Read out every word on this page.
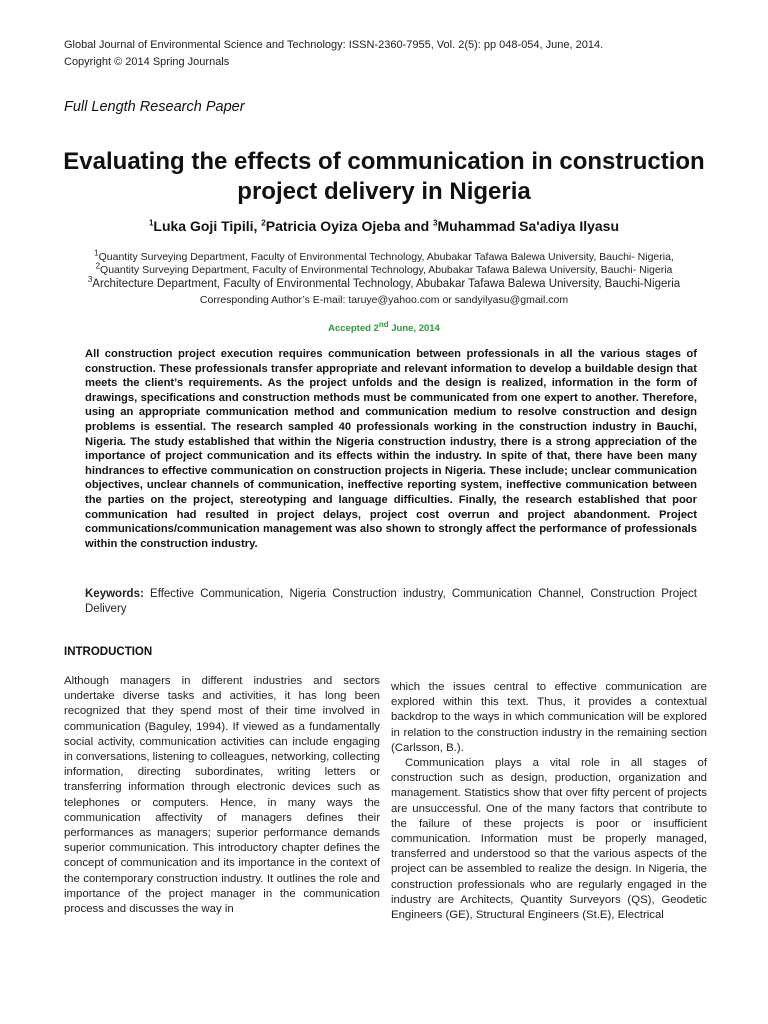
Global Journal of Environmental Science and Technology: ISSN-2360-7955, Vol. 2(5): pp 048-054, June, 2014.
Copyright © 2014 Spring Journals
Full Length Research Paper
Evaluating the effects of communication in construction project delivery in Nigeria
$^1$Luka Goji Tipili, $^2$Patricia Oyiza Ojeba and $^3$Muhammad Sa'adiya Ilyasu
$^1$Quantity Surveying Department, Faculty of Environmental Technology, Abubakar Tafawa Balewa University, Bauchi- Nigeria,
$^2$Quantity Surveying Department, Faculty of Environmental Technology, Abubakar Tafawa Balewa University, Bauchi- Nigeria
$^3$Architecture Department, Faculty of Environmental Technology, Abubakar Tafawa Balewa University, Bauchi-Nigeria
Corresponding Author’s E-mail: taruye@yahoo.com or sandyilyasu@gmail.com
Accepted 2nd June, 2014

All construction project execution requires communication between professionals in all the various stages of construction. These professionals transfer appropriate and relevant information to develop a buildable design that meets the client’s requirements. As the project unfolds and the design is realized, information in the form of drawings, specifications and construction methods must be communicated from one expert to another. Therefore, using an appropriate communication method and communication medium to resolve construction and design problems is essential. The research sampled 40 professionals working in the construction industry in Bauchi, Nigeria. The study established that within the Nigeria construction industry, there is a strong appreciation of the importance of project communication and its effects within the industry. In spite of that, there have been many hindrances to effective communication on construction projects in Nigeria. These include; unclear communication objectives, unclear channels of communication, ineffective reporting system, ineffective communication between the parties on the project, stereotyping and language difficulties. Finally, the research established that poor communication had resulted in project delays, project cost overrun and project abandonment. Project communications/communication management was also shown to strongly affect the performance of professionals within the construction industry.

Keywords: Effective Communication, Nigeria Construction industry, Communication Channel, Construction Project Delivery

INTRODUCTION

Although managers in different industries and sectors undertake diverse tasks and activities, it has long been recognized that they spend most of their time involved in communication (Baguley, 1994). If viewed as a fundamentally social activity, communication activities can include engaging in conversations, listening to colleagues, networking, collecting information, directing subordinates, writing letters or transferring information through electronic devices such as telephones or computers. Hence, in many ways the communication affectivity of managers defines their performances as managers; superior performance demands superior communication. This introductory chapter defines the concept of communication and its importance in the context of the contemporary construction industry. It outlines the role and importance of the project manager in the communication process and discusses the way in

which the issues central to effective communication are explored within this text. Thus, it provides a contextual backdrop to the ways in which communication will be explored in relation to the construction industry in the remaining section (Carlsson, B.).

Communication plays a vital role in all stages of construction such as design, production, organization and management. Statistics show that over fifty percent of projects are unsuccessful. One of the many factors that contribute to the failure of these projects is poor or insufficient communication. Information must be properly managed, transferred and understood so that the various aspects of the project can be assembled to realize the design. In Nigeria, the construction professionals who are regularly engaged in the industry are Architects, Quantity Surveyors (QS), Geodetic Engineers (GE), Structural Engineers (St.E), Electrical
